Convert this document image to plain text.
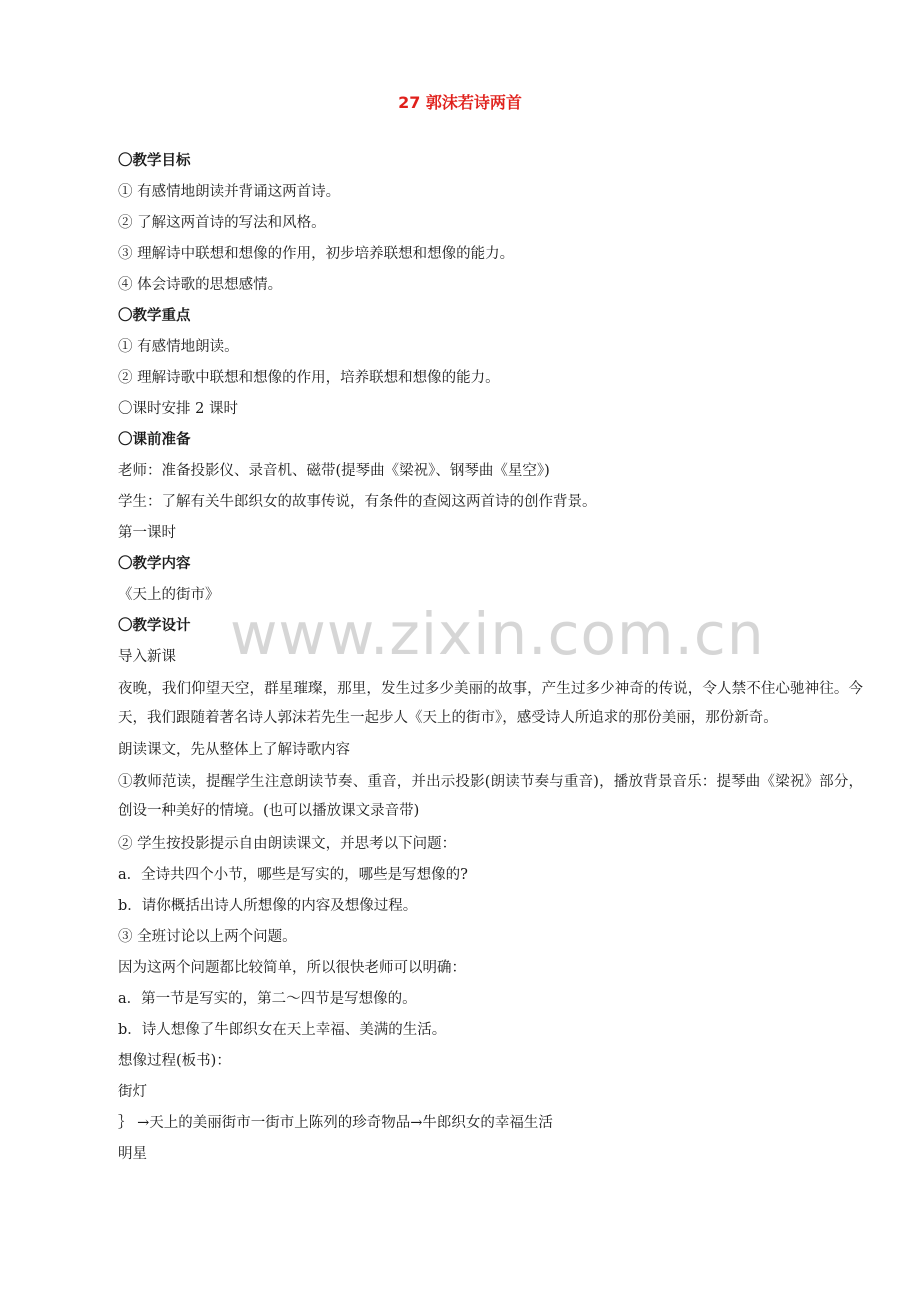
27 郭沫若诗两首
www.zixin.com.cn
〇教学目标
① 有感情地朗读并背诵这两首诗。
② 了解这两首诗的写法和风格。
③ 理解诗中联想和想像的作用，初步培养联想和想像的能力。
④ 体会诗歌的思想感情。
〇教学重点
① 有感情地朗读。
② 理解诗歌中联想和想像的作用，培养联想和想像的能力。
〇课时安排 2 课时
〇课前准备
老师：准备投影仪、录音机、磁带(提琴曲《梁祝》、钢琴曲《星空》)
学生：了解有关牛郎织女的故事传说，有条件的查阅这两首诗的创作背景。
第一课时
〇教学内容
《天上的街市》
〇教学设计
导入新课
夜晚，我们仰望天空，群星璀璨，那里，发生过多少美丽的故事，产生过多少神奇的传说，令人禁不住心驰神往。今天，我们跟随着著名诗人郭沫若先生一起步人《天上的街市》，感受诗人所追求的那份美丽，那份新奇。
朗读课文，先从整体上了解诗歌内容
①教师范读，提醒学生注意朗读节奏、重音，并出示投影(朗读节奏与重音)，播放背景音乐：提琴曲《梁祝》部分，创设一种美好的情境。(也可以播放课文录音带)
② 学生按投影提示自由朗读课文，并思考以下问题：
a．全诗共四个小节，哪些是写实的，哪些是写想像的?
b．请你概括出诗人所想像的内容及想像过程。
③ 全班讨论以上两个问题。
因为这两个问题都比较简单，所以很快老师可以明确：
a．第一节是写实的，第二～四节是写想像的。
b．诗人想像了牛郎织女在天上幸福、美满的生活。
想像过程(板书)：
街灯
｝ →天上的美丽街市一街市上陈列的珍奇物品→牛郎织女的幸福生活
明星
